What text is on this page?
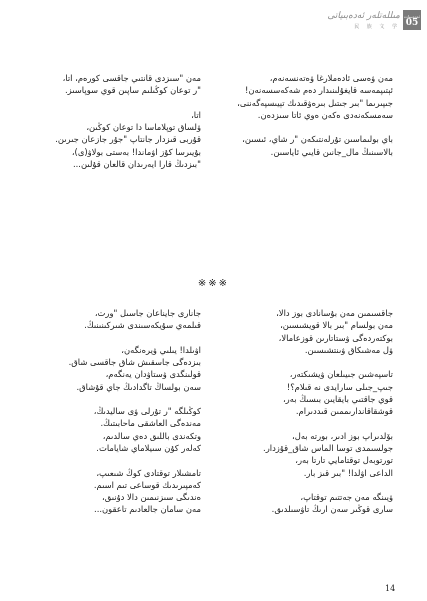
مىللەتلەر ئەدەبىياتى
民 族 文 学
ئەدەبىيات
05
مەن ۋەسى ئادەملارغا ۋەتەنسەنەم،
ئېتىپمەسە قايغۇلىنىدار دەم شەكەسسەنەن!
جىپىرىما "بىر جىتىل بىرەۋقىدىك تېيىسپەگەننى،
سەمسكەنەدى ەكەن ەوي ئاتا سىزدەن.
باي بولىماسىن تۇرلەنتىكەن "ر شاي، ئىسىن،
بالاسىنىڭ مال_جانىن قايىي ئاياسىن.
مەن "سىزدى قانتىي جاقسى كورەم، اتا،
"ر توعان كوڭىلىم ساپىن قوي سوپاسىز.
اتا،
ۋلساق توپلاماسا دا توعان كوڭىن،
قۇربى قىزدار جانتاپ "جۇر جازعان جىرىن.
بۇيىرسا كۇز اۋماندا! بەستى بولاۋ(ى)،
"بىزدىڭ قارا ايەرىدان قالعان قۇلىن...
※※※
جاقسىمىن مەن بۇسانادى بوز دالا،
مەن بولسام "بىر بالا قويشىسىن،
بوكتەردەگى ۋستاتارىن قوزعامالا،
ۋل مەشىكاق ۋىنتشىسىن.
تاسپەشىن جىيىلعان ۋيشىكتەر،
جىپ_جىلى سارايدى نە قىلام؟!
قوي جاقتىي بايقايىن بىسىڭ بەر،
قوشقاقاندارىممىن قىددىرام.
بۆلدىراپ بوز ادىر، بورتە بەل،
جولسىمدى توسا الماس شاق_قۇزدار.
تورتوبەل توقتامايي تارتا بەر،
الداعى اۋلدا! "بىر قىز بار.
ۋيىنگە مەن جەتتىم توقتاپ،
سارى قوڭىر سەن ارىڭ تاۋسىلدىق.
جانارى جايناعان جاسىل "ورت،
قىلمەي سۇيكەسىندى شىركىنىنىڭ.
اۋىلدا! يىلىي ۋيرەنگەن،
بىزدەگى جاسقىش شاق جاقسى شاق.
قولىنگدى ۋستاۋدان يەنگەم،
سەن بولساڭ تاگدادىڭ جاي قۇشاق.
كوڭىلگە "ر تۇرلى ۋى ساليدىڭ،
مەندەگى العاشقى ماحابىتىڭ.
وتكەندى باللىق دەي سالدىم،
كەلەر كۇن سىيلاماي شايامات.
تامشىلار توقتادى كوڭ شىعىپ،
كەمپىرىدىك قوساعى تىم اسىم.
ەندىگى سىزنىمىن دالا دۇنىق،
مەن سامان جالعادىم تاعقون...
14
